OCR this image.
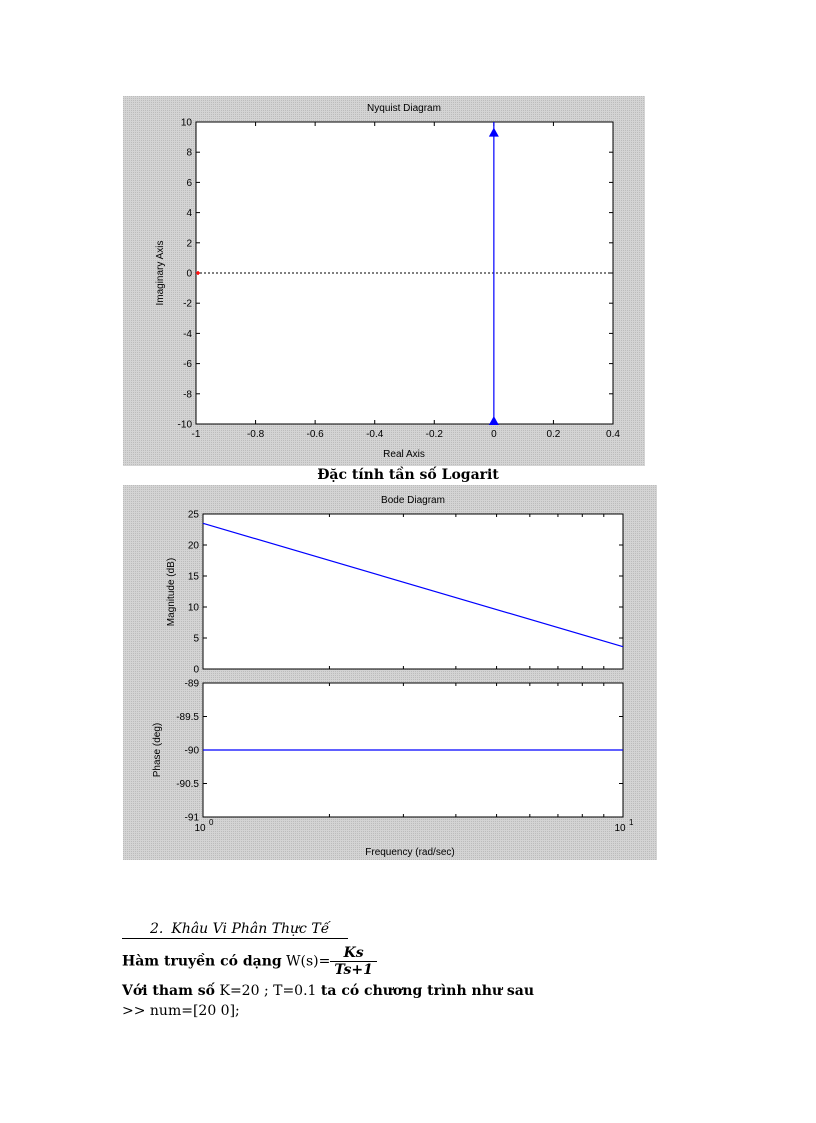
Nyquist Diagram
Real Axis
Imaginary Axis
-1	-0.8	-0.6	-0.4	-0.2	0	0.2	0.4
10
8
6
4
2
0
-2
-4
-6
-8
-10
Đặc tính tần số Logarit
Bode Diagram
Frequency (rad/sec)
Magnitude (dB)
Phase (deg)
10
0
10
1
25
20
15
10
5
0
-89
-89.5
-90
-90.5
-91
2. Khâu Vi Phân Thực Tế
Hàm truyền có dạng $W(s)= \frac{Ks}{Ts+1}$
Với tham số K=20 ; T=0.1 ta có chương trình như sau
>> num=[20 0];
